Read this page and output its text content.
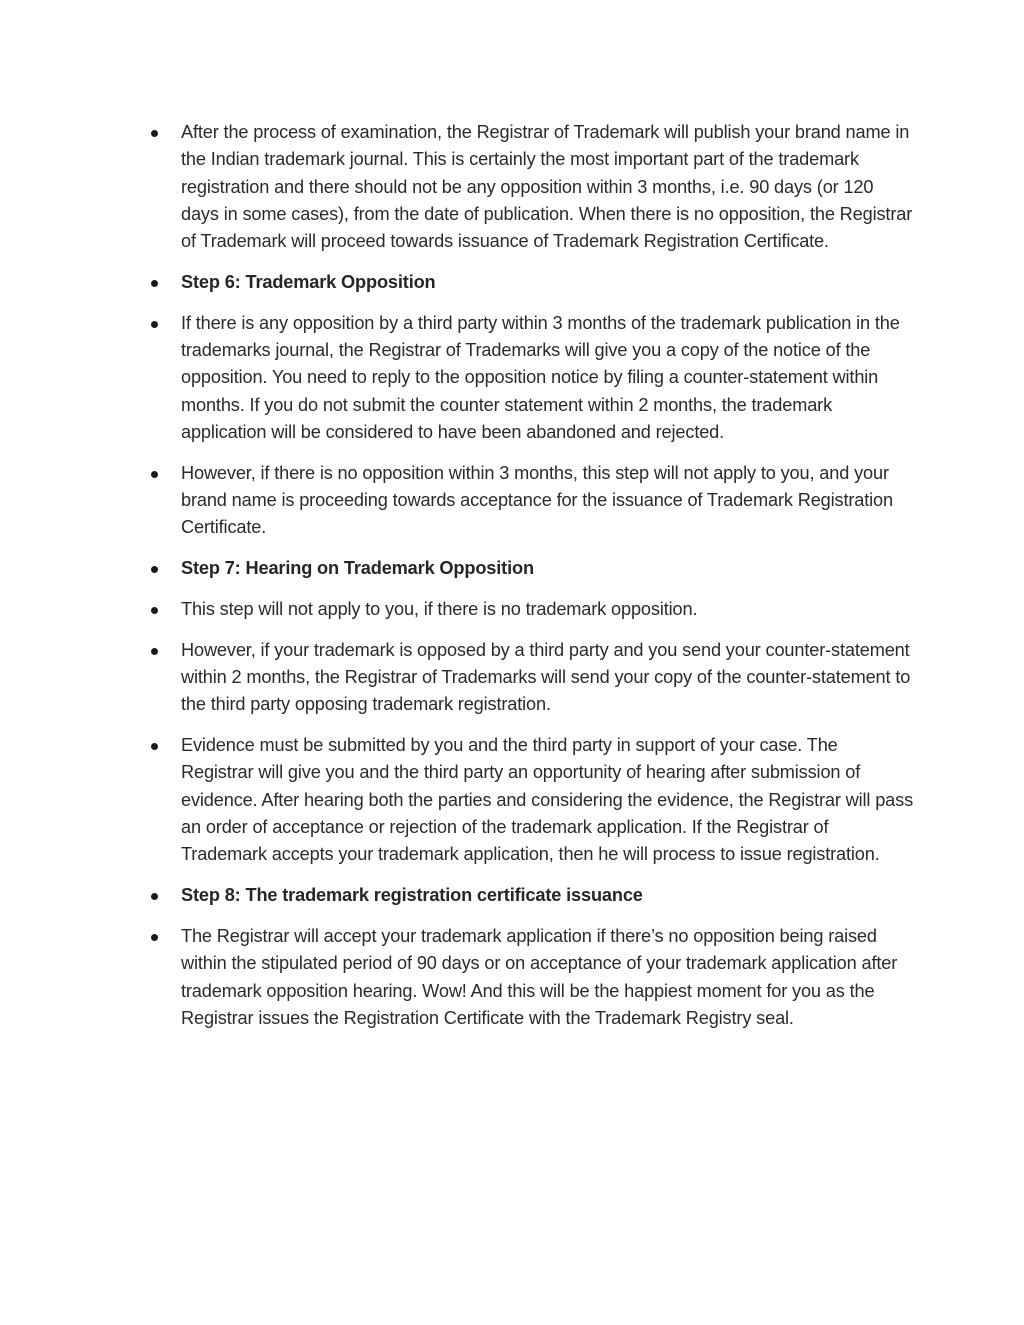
After the process of examination, the Registrar of Trademark will publish your brand name in the Indian trademark journal. This is certainly the most important part of the trademark registration and there should not be any opposition within 3 months, i.e. 90 days (or 120 days in some cases), from the date of publication. When there is no opposition, the Registrar of Trademark will proceed towards issuance of Trademark Registration Certificate.
Step 6: Trademark Opposition
If there is any opposition by a third party within 3 months of the trademark publication in the trademarks journal, the Registrar of Trademarks will give you a copy of the notice of the opposition. You need to reply to the opposition notice by filing a counter-statement within months. If you do not submit the counter statement within 2 months, the trademark application will be considered to have been abandoned and rejected.
However, if there is no opposition within 3 months, this step will not apply to you, and your brand name is proceeding towards acceptance for the issuance of Trademark Registration Certificate.
Step 7: Hearing on Trademark Opposition
This step will not apply to you, if there is no trademark opposition.
However, if your trademark is opposed by a third party and you send your counter-statement within 2 months, the Registrar of Trademarks will send your copy of the counter-statement to the third party opposing trademark registration.
Evidence must be submitted by you and the third party in support of your case. The Registrar will give you and the third party an opportunity of hearing after submission of evidence. After hearing both the parties and considering the evidence, the Registrar will pass an order of acceptance or rejection of the trademark application. If the Registrar of Trademark accepts your trademark application, then he will process to issue registration.
Step 8: The trademark registration certificate issuance
The Registrar will accept your trademark application if there’s no opposition being raised within the stipulated period of 90 days or on acceptance of your trademark application after trademark opposition hearing. Wow! And this will be the happiest moment for you as the Registrar issues the Registration Certificate with the Trademark Registry seal.
